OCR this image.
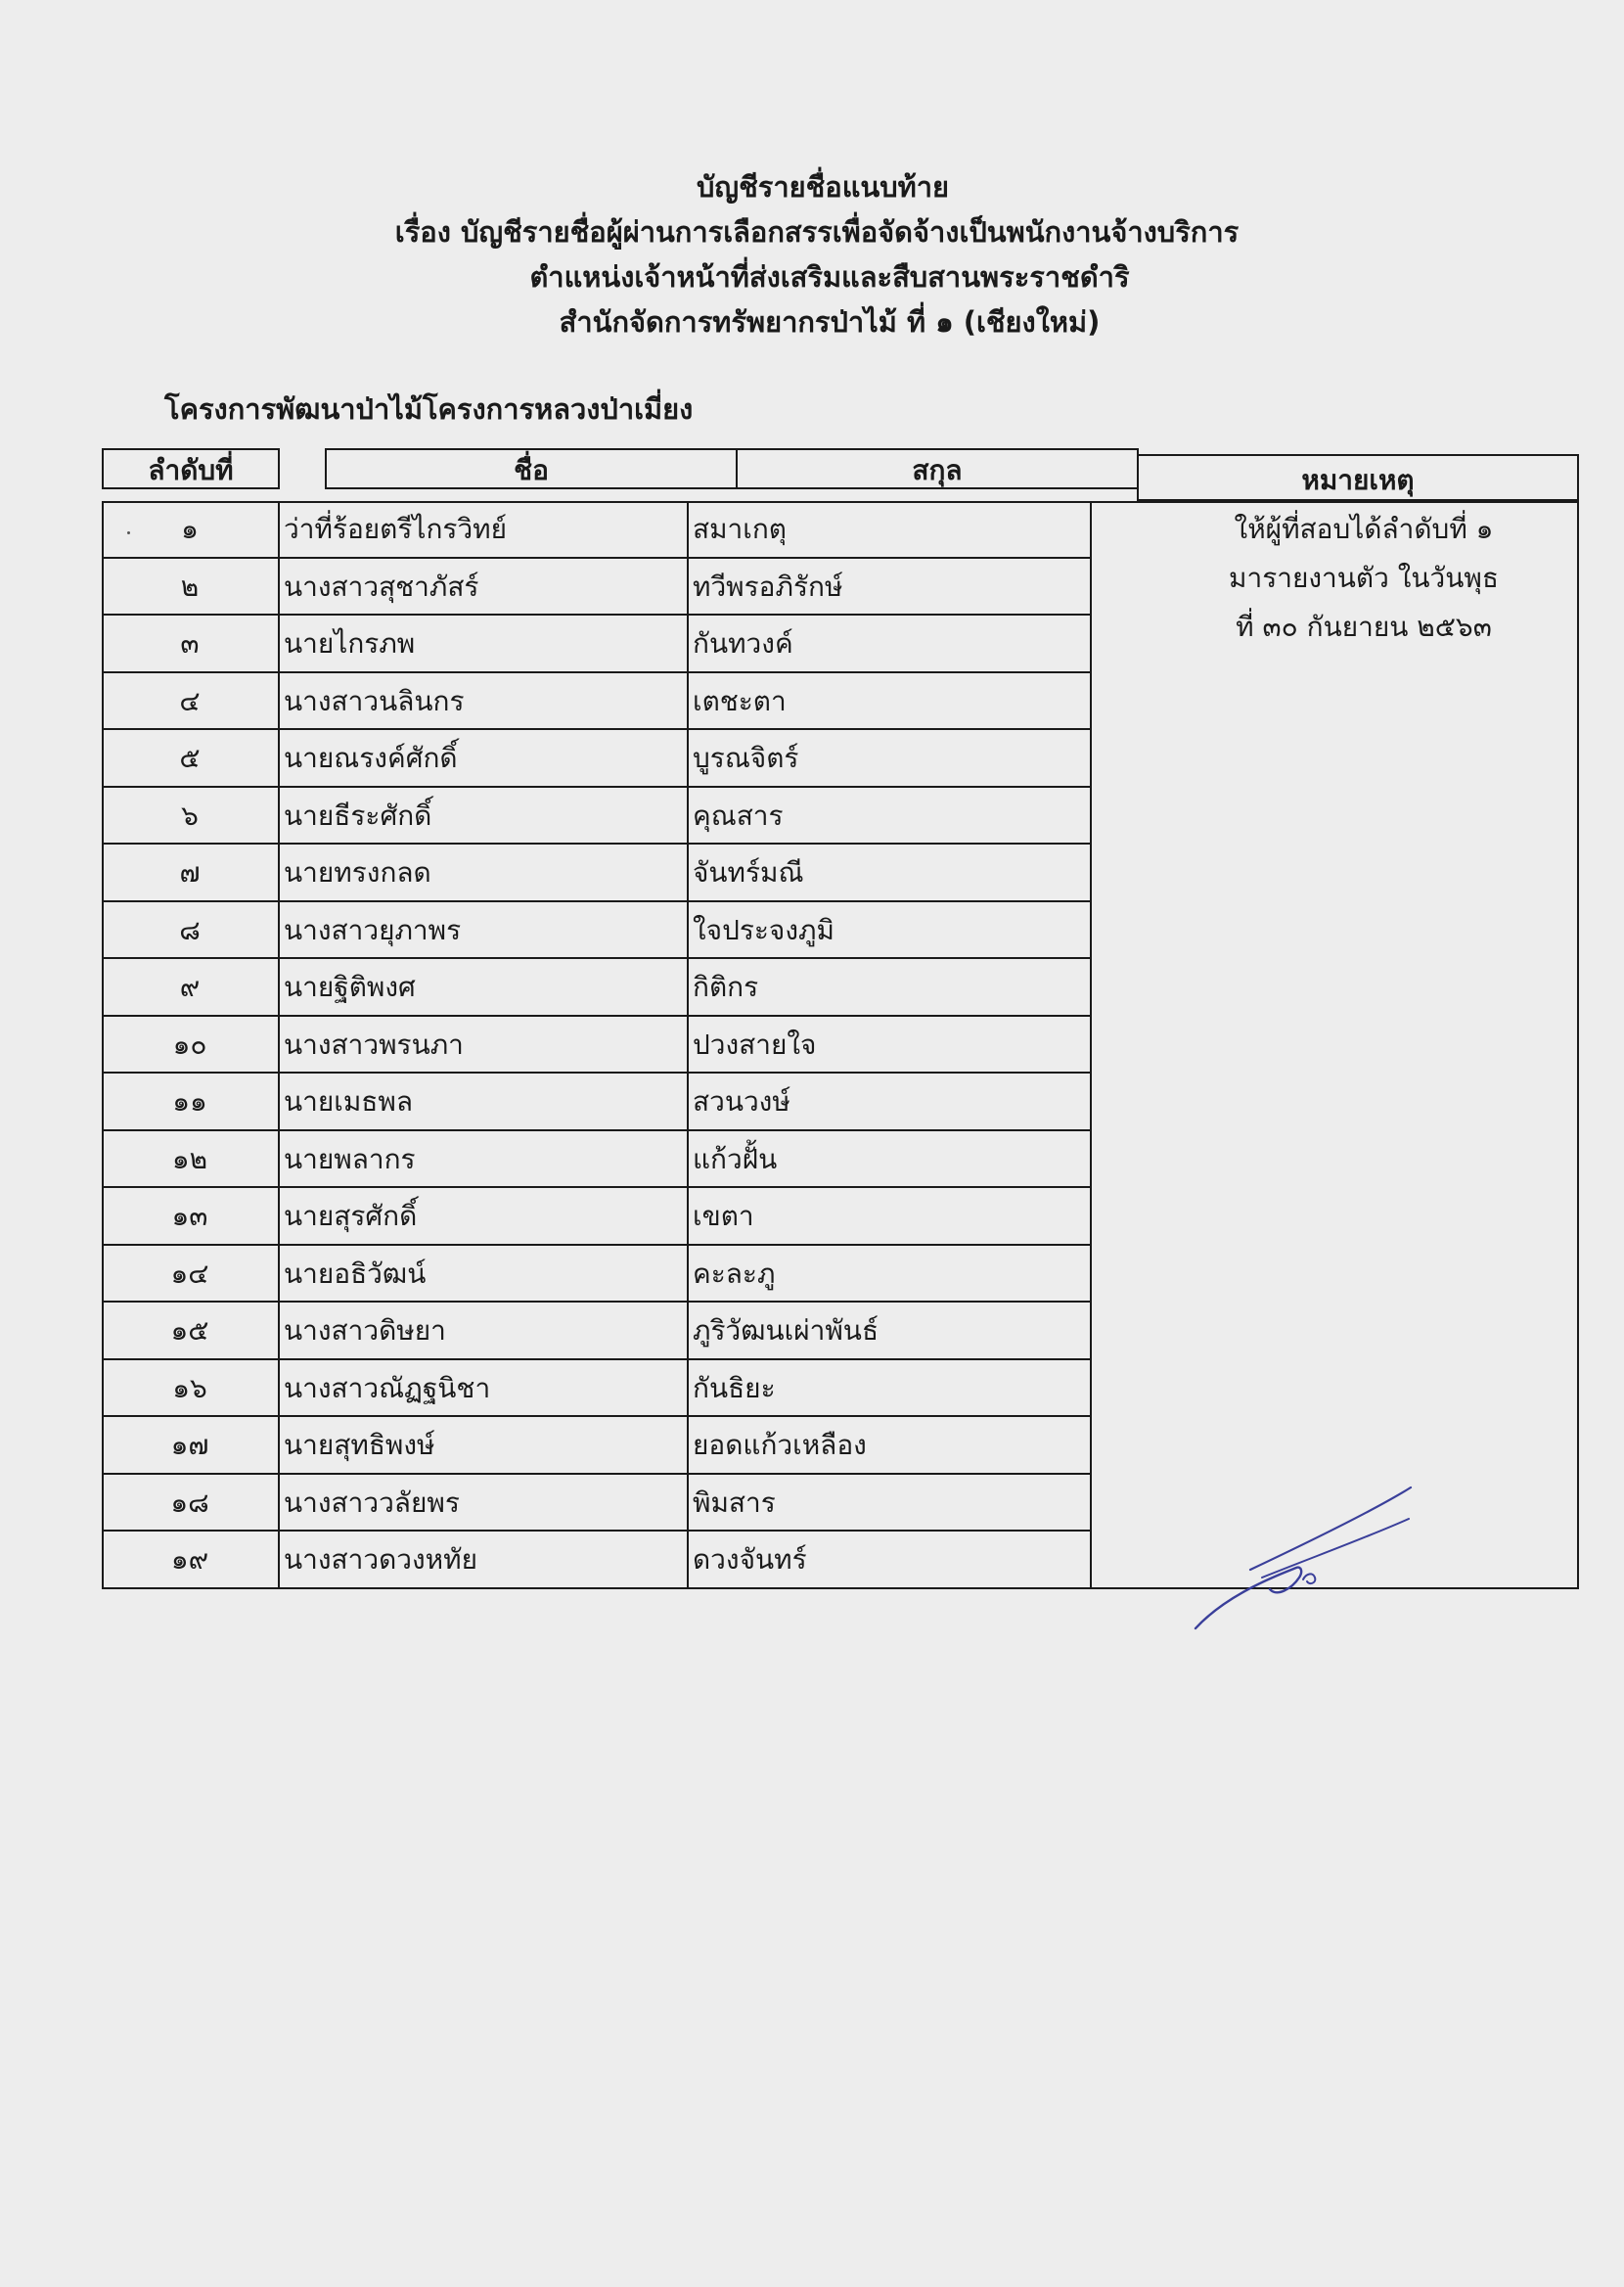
บัญชีรายชื่อแนบท้าย
เรื่อง บัญชีรายชื่อผู้ผ่านการเลือกสรรเพื่อจัดจ้างเป็นพนักงานจ้างบริการ
ตำแหน่งเจ้าหน้าที่ส่งเสริมและสืบสานพระราชดำริ
สำนักจัดการทรัพยากรป่าไม้ ที่ ๑ (เชียงใหม่)
โครงการพัฒนาป่าไม้โครงการหลวงป่าเมี่ยง
ลำดับที่	ชื่อ	สกุล	หมายเหตุ
๑	ว่าที่ร้อยตรีไกรวิทย์	สมาเกตุ
๒	นางสาวสุชาภัสร์	ทวีพรอภิรักษ์
๓	นายไกรภพ	กันทวงค์
๔	นางสาวนลินกร	เตชะตา
๕	นายณรงค์ศักดิ์	บูรณจิตร์
๖	นายธีระศักดิ์	คุณสาร
๗	นายทรงกลด	จันทร์มณี
๘	นางสาวยุภาพร	ใจประจงภูมิ
๙	นายฐิติพงศ	กิติกร
๑๐	นางสาวพรนภา	ปวงสายใจ
๑๑	นายเมธพล	สวนวงษ์
๑๒	นายพลากร	แก้วฝั้น
๑๓	นายสุรศักดิ์	เขตา
๑๔	นายอธิวัฒน์	คะละภู
๑๕	นางสาวดิษยา	ภูริวัฒนเผ่าพันธ์
๑๖	นางสาวณัฏฐนิชา	กันธิยะ
๑๗	นายสุทธิพงษ์	ยอดแก้วเหลือง
๑๘	นางสาววลัยพร	พิมสาร
๑๙	นางสาวดวงหทัย	ดวงจันทร์
ให้ผู้ที่สอบได้ลำดับที่ ๑
มารายงานตัว ในวันพุธ
ที่ ๓๐ กันยายน ๒๕๖๓
